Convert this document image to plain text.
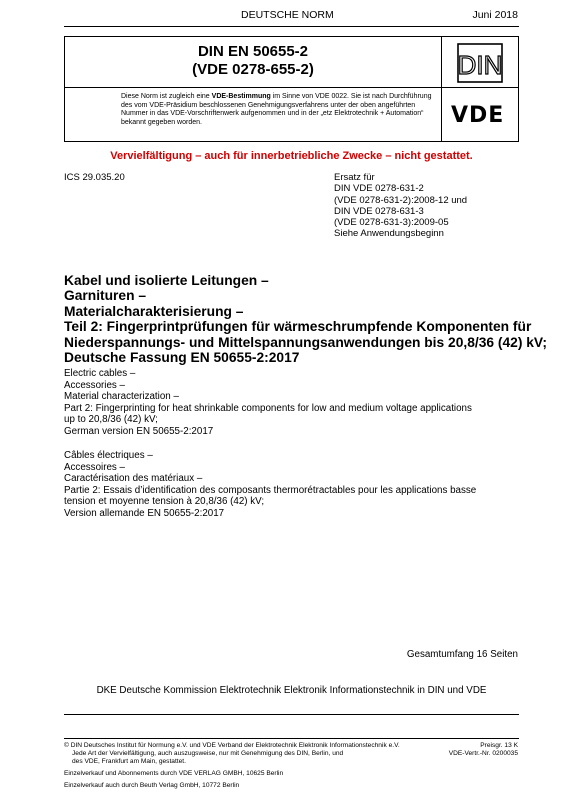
DEUTSCHE NORM	Juni 2018
DIN EN 50655-2
(VDE 0278-655-2)	DIN
VDE
Diese Norm ist zugleich eine VDE-Bestimmung im Sinne von VDE 0022. Sie ist nach Durchführung des vom VDE-Präsidium beschlossenen Genehmigungsverfahrens unter der oben angeführten Nummer in das VDE-Vorschriftenwerk aufgenommen und in der „etz Elektrotechnik + Automation“ bekannt gegeben worden.
Vervielfältigung – auch für innerbetriebliche Zwecke – nicht gestattet.
ICS 29.035.20	Ersatz für
DIN VDE 0278-631-2
(VDE 0278-631-2):2008-12 und
DIN VDE 0278-631-3
(VDE 0278-631-3):2009-05
Siehe Anwendungsbeginn
Kabel und isolierte Leitungen –
Garnituren –
Materialcharakterisierung –
Teil 2: Fingerprintprüfungen für wärmeschrumpfende Komponenten für
Niederspannungs- und Mittelspannungsanwendungen bis 20,8/36 (42) kV;
Deutsche Fassung EN 50655-2:2017
Electric cables –
Accessories –
Material characterization –
Part 2: Fingerprinting for heat shrinkable components for low and medium voltage applications
up to 20,8/36 (42) kV;
German version EN 50655-2:2017
Câbles électriques –
Accessoires –
Caractérisation des matériaux –
Partie 2: Essais d’identification des composants thermorétractables pour les applications basse
tension et moyenne tension à 20,8/36 (42) kV;
Version allemande EN 50655-2:2017
Gesamtumfang 16 Seiten
DKE Deutsche Kommission Elektrotechnik Elektronik Informationstechnik in DIN und VDE
© DIN Deutsches Institut für Normung e.V. und VDE Verband der Elektrotechnik Elektronik Informationstechnik e.V.
Jede Art der Vervielfältigung, auch auszugsweise, nur mit Genehmigung des DIN, Berlin, und
des VDE, Frankfurt am Main, gestattet.
Preisgr. 13 K
VDE-Vertr.-Nr. 0200035
Einzelverkauf und Abonnements durch VDE VERLAG GMBH, 10625 Berlin
Einzelverkauf auch durch Beuth Verlag GmbH, 10772 Berlin
